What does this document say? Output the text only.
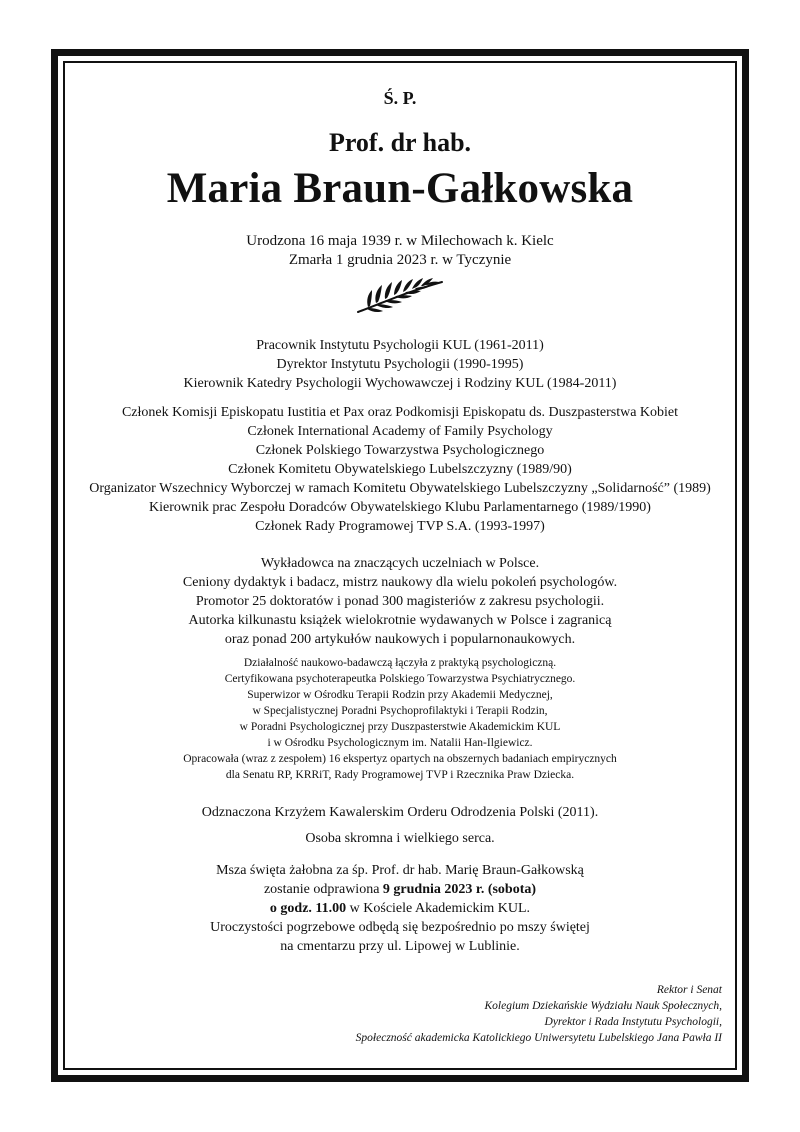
Ś. P.
Prof. dr hab.
Maria Braun-Gałkowska
Urodzona 16 maja 1939 r. w Milechowach k. Kielc
Zmarła 1 grudnia 2023 r. w Tyczynie
Pracownik Instytutu Psychologii KUL (1961-2011)
Dyrektor Instytutu Psychologii (1990-1995)
Kierownik Katedry Psychologii Wychowawczej i Rodziny KUL (1984-2011)
Członek Komisji Episkopatu Iustitia et Pax oraz Podkomisji Episkopatu ds. Duszpasterstwa Kobiet
Członek International Academy of Family Psychology
Członek Polskiego Towarzystwa Psychologicznego
Członek Komitetu Obywatelskiego Lubelszczyzny (1989/90)
Organizator Wszechnicy Wyborczej w ramach Komitetu Obywatelskiego Lubelszczyzny „Solidarność” (1989)
Kierownik prac Zespołu Doradców Obywatelskiego Klubu Parlamentarnego (1989/1990)
Członek Rady Programowej TVP S.A. (1993-1997)
Wykładowca na znaczących uczelniach w Polsce.
Ceniony dydaktyk i badacz, mistrz naukowy dla wielu pokoleń psychologów.
Promotor 25 doktoratów i ponad 300 magisteriów z zakresu psychologii.
Autorka kilkunastu książek wielokrotnie wydawanych w Polsce i zagranicą
oraz ponad 200 artykułów naukowych i popularnonaukowych.
Działalność naukowo-badawczą łączyła z praktyką psychologiczną.
Certyfikowana psychoterapeutka Polskiego Towarzystwa Psychiatrycznego.
Superwizor w Ośrodku Terapii Rodzin przy Akademii Medycznej,
w Specjalistycznej Poradni Psychoprofilaktyki i Terapii Rodzin,
w Poradni Psychologicznej przy Duszpasterstwie Akademickim KUL
i w Ośrodku Psychologicznym im. Natalii Han-Ilgiewicz.
Opracowała (wraz z zespołem) 16 ekspertyz opartych na obszernych badaniach empirycznych
dla Senatu RP, KRRiT, Rady Programowej TVP i Rzecznika Praw Dziecka.
Odznaczona Krzyżem Kawalerskim Orderu Odrodzenia Polski (2011).
Osoba skromna i wielkiego serca.
Msza święta żałobna za śp. Prof. dr hab. Marię Braun-Gałkowską
zostanie odprawiona 9 grudnia 2023 r. (sobota)
o godz. 11.00 w Kościele Akademickim KUL.
Uroczystości pogrzebowe odbędą się bezpośrednio po mszy świętej
na cmentarzu przy ul. Lipowej w Lublinie.
Rektor i Senat
Kolegium Dziekańskie Wydziału Nauk Społecznych,
Dyrektor i Rada Instytutu Psychologii,
Społeczność akademicka Katolickiego Uniwersytetu Lubelskiego Jana Pawła II
